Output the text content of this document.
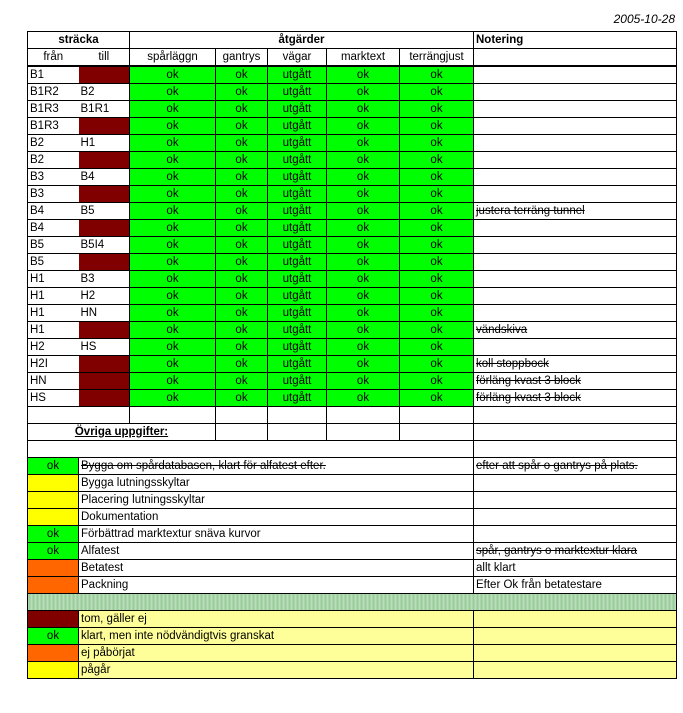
2005-10-28
sträcka		åtgärder					Notering
från	till	spårläggn	gantrys	vägar	marktext	terrängjust	
B1		ok	ok	utgått	ok	ok	
B1R2	B2	ok	ok	utgått	ok	ok	
B1R3	B1R1	ok	ok	utgått	ok	ok	
B1R3		ok	ok	utgått	ok	ok	
B2	H1	ok	ok	utgått	ok	ok	
B2		ok	ok	utgått	ok	ok	
B3	B4	ok	ok	utgått	ok	ok	
B3		ok	ok	utgått	ok	ok	
B4	B5	ok	ok	utgått	ok	ok	justera terräng tunnel
B4		ok	ok	utgått	ok	ok	
B5	B5I4	ok	ok	utgått	ok	ok	
B5		ok	ok	utgått	ok	ok	
H1	B3	ok	ok	utgått	ok	ok	
H1	H2	ok	ok	utgått	ok	ok	
H1	HN	ok	ok	utgått	ok	ok	
H1		ok	ok	utgått	ok	ok	vändskiva
H2	HS	ok	ok	utgått	ok	ok	
H2I		ok	ok	utgått	ok	ok	koll stoppbock
HN		ok	ok	utgått	ok	ok	förläng kvast 3 block
HS		ok	ok	utgått	ok	ok	förläng kvast 3 block

Övriga uppgifter:							

ok	Bygga om spårdatabasen, klart för alfatest efter.						efter att spår o gantrys på plats.
	Bygga lutningsskyltar						
	Placering lutningsskyltar						
	Dokumentation						
ok	Förbättrad marktextur snäva kurvor						
ok	Alfatest						spår, gantrys o marktextur klara
	Betatest						allt klart
	Packning						Efter Ok från betatestare

	tom, gäller ej						
ok	klart, men inte nödvändigtvis granskat						
	ej påbörjat						
	pågår						
